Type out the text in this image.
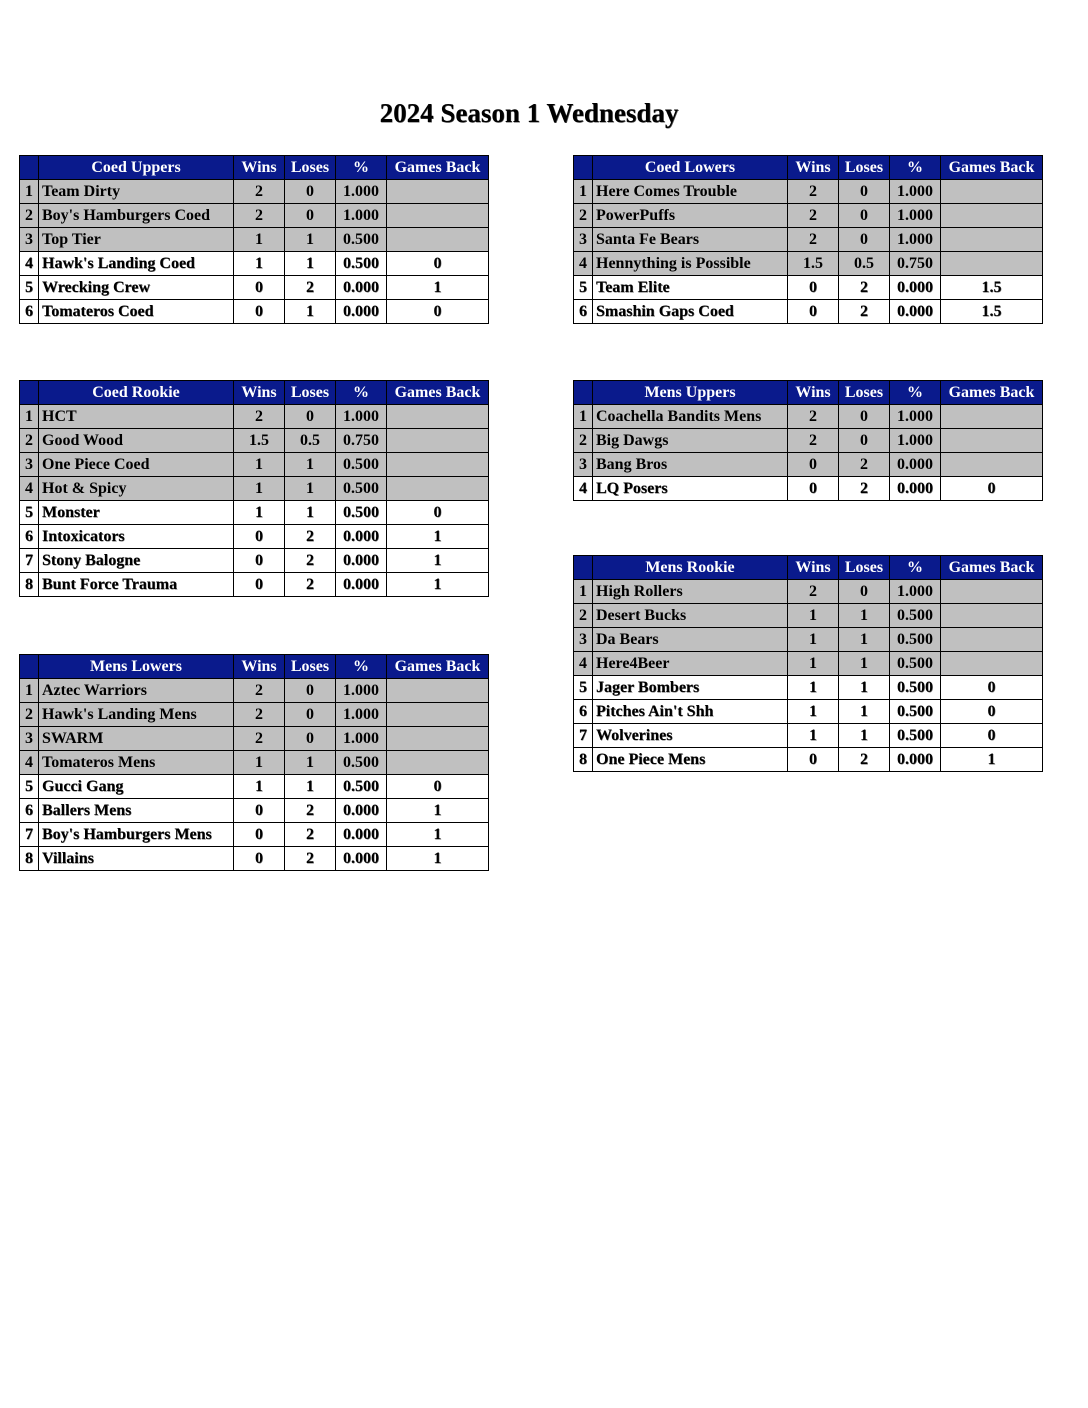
2024 Season 1 Wednesday
	Coed Uppers	Wins	Loses	%	Games Back
1	Team Dirty	2	0	1.000	
2	Boy's Hamburgers Coed	2	0	1.000	
3	Top Tier	1	1	0.500	
4	Hawk's Landing Coed	1	1	0.500	0
5	Wrecking Crew	0	2	0.000	1
6	Tomateros Coed	0	1	0.000	0
	Coed Lowers	Wins	Loses	%	Games Back
1	Here Comes Trouble	2	0	1.000	
2	PowerPuffs	2	0	1.000	
3	Santa Fe Bears	2	0	1.000	
4	Hennything is Possible	1.5	0.5	0.750	
5	Team Elite	0	2	0.000	1.5
6	Smashin Gaps Coed	0	2	0.000	1.5
	Coed Rookie	Wins	Loses	%	Games Back
1	HCT	2	0	1.000	
2	Good Wood	1.5	0.5	0.750	
3	One Piece Coed	1	1	0.500	
4	Hot & Spicy	1	1	0.500	
5	Monster	1	1	0.500	0
6	Intoxicators	0	2	0.000	1
7	Stony Balogne	0	2	0.000	1
8	Bunt Force Trauma	0	2	0.000	1
	Mens Uppers	Wins	Loses	%	Games Back
1	Coachella Bandits Mens	2	0	1.000	
2	Big Dawgs	2	0	1.000	
3	Bang Bros	0	2	0.000	
4	LQ Posers	0	2	0.000	0
	Mens Rookie	Wins	Loses	%	Games Back
1	High Rollers	2	0	1.000	
2	Desert Bucks	1	1	0.500	
3	Da Bears	1	1	0.500	
4	Here4Beer	1	1	0.500	
5	Jager Bombers	1	1	0.500	0
6	Pitches Ain't Shh	1	1	0.500	0
7	Wolverines	1	1	0.500	0
8	One Piece Mens	0	2	0.000	1
	Mens Lowers	Wins	Loses	%	Games Back
1	Aztec Warriors	2	0	1.000	
2	Hawk's Landing Mens	2	0	1.000	
3	SWARM	2	0	1.000	
4	Tomateros Mens	1	1	0.500	
5	Gucci Gang	1	1	0.500	0
6	Ballers Mens	0	2	0.000	1
7	Boy's Hamburgers Mens	0	2	0.000	1
8	Villains	0	2	0.000	1
